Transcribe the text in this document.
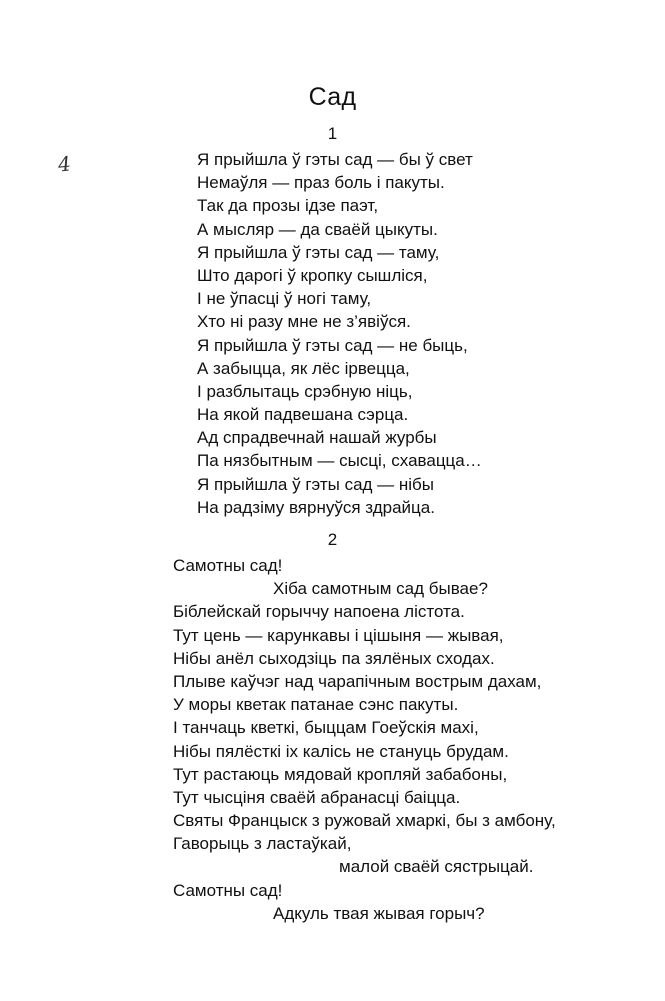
4
Сад
1
Я прыйшла ў гэты сад — бы ў свет
Немаўля — праз боль і пакуты.
Так да прозы ідзе паэт,
А мысляр — да сваёй цыкуты.
Я прыйшла ў гэты сад — таму,
Што дарогі ў кропку сышліся,
І не ўпасці ў ногі таму,
Хто ні разу мне не з’явіўся.
Я прыйшла ў гэты сад — не быць,
А забыцца, як лёс ірвецца,
І разблытаць срэбную ніць,
На якой падвешана сэрца.
Ад спрадвечнай нашай журбы
Па нязбытным — сысці, схавацца…
Я прыйшла ў гэты сад — нібы
На радзіму вярнуўся здрайца.
2
Самотны сад!
Хіба самотным сад бывае?
Біблейскай горыччу напоена лістота.
Тут цень — карункавы і цішыня — жывая,
Нібы анёл сыходзіць па зялёных сходах.
Плыве каўчэг над чарапічным вострым дахам,
У моры кветак патанае сэнс пакуты.
І танчаць кветкі, быццам Гоеўскія махі,
Нібы пялёсткі іх калісь не стануць брудам.
Тут растаюць мядовай кропляй забабоны,
Тут чысціня сваёй абранасці баіцца.
Святы Францыск з ружовай хмаркі, бы з амбону,
Гаворыць з ластаўкай,
малой сваёй сястрыцай.
Самотны сад!
Адкуль твая жывая горыч?
